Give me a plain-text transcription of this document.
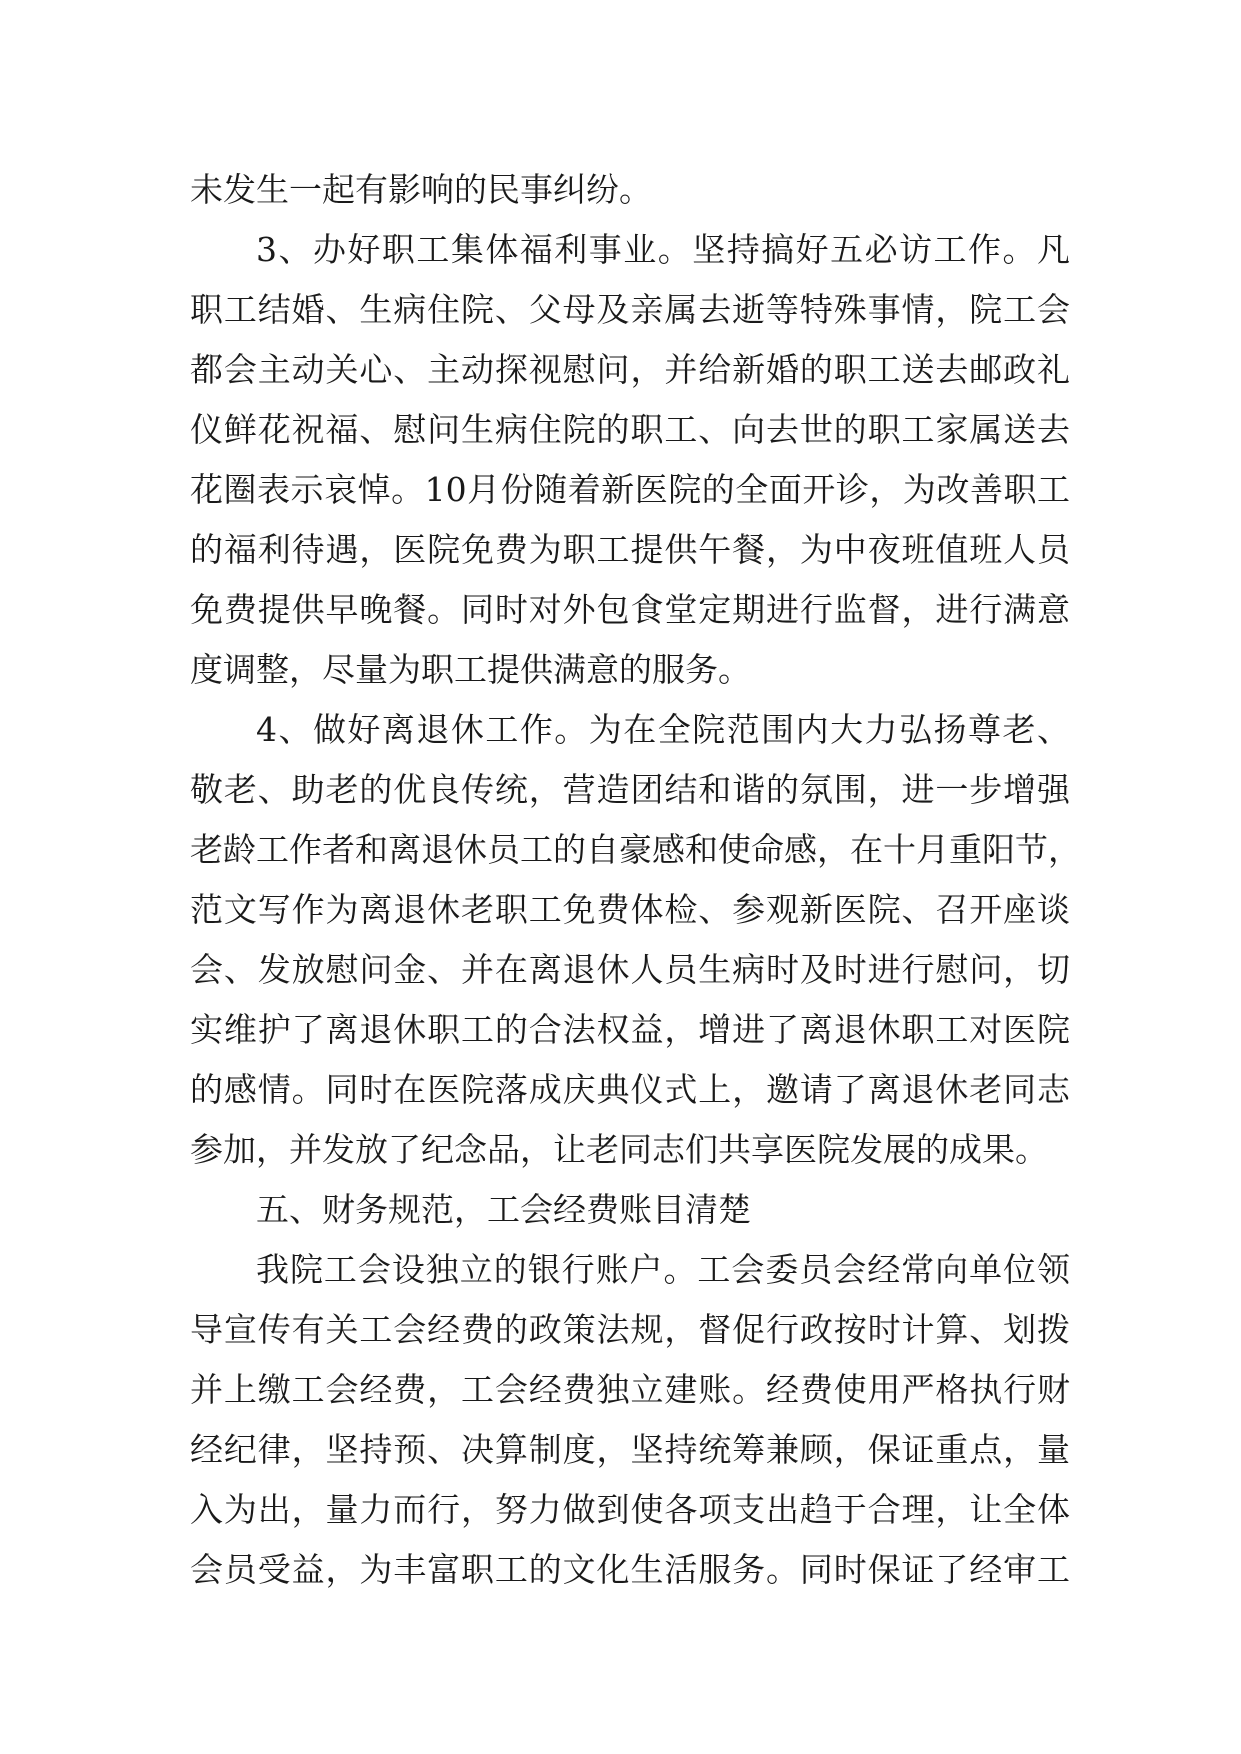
未发生一起有影响的民事纠纷。
3、办好职工集体福利事业。坚持搞好五必访工作。凡
职工结婚、生病住院、父母及亲属去逝等特殊事情，院工会
都会主动关心、主动探视慰问，并给新婚的职工送去邮政礼
仪鲜花祝福、慰问生病住院的职工、向去世的职工家属送去
花圈表示哀悼。10月份随着新医院的全面开诊，为改善职工
的福利待遇，医院免费为职工提供午餐，为中夜班值班人员
免费提供早晚餐。同时对外包食堂定期进行监督，进行满意
度调整，尽量为职工提供满意的服务。
4、做好离退休工作。为在全院范围内大力弘扬尊老、
敬老、助老的优良传统，营造团结和谐的氛围，进一步增强
老龄工作者和离退休员工的自豪感和使命感，在十月重阳节，
范文写作为离退休老职工免费体检、参观新医院、召开座谈
会、发放慰问金、并在离退休人员生病时及时进行慰问，切
实维护了离退休职工的合法权益，增进了离退休职工对医院
的感情。同时在医院落成庆典仪式上，邀请了离退休老同志
参加，并发放了纪念品，让老同志们共享医院发展的成果。
五、财务规范，工会经费账目清楚
我院工会设独立的银行账户。工会委员会经常向单位领
导宣传有关工会经费的政策法规，督促行政按时计算、划拨
并上缴工会经费，工会经费独立建账。经费使用严格执行财
经纪律，坚持预、决算制度，坚持统筹兼顾，保证重点，量
入为出，量力而行，努力做到使各项支出趋于合理，让全体
会员受益，为丰富职工的文化生活服务。同时保证了经审工
